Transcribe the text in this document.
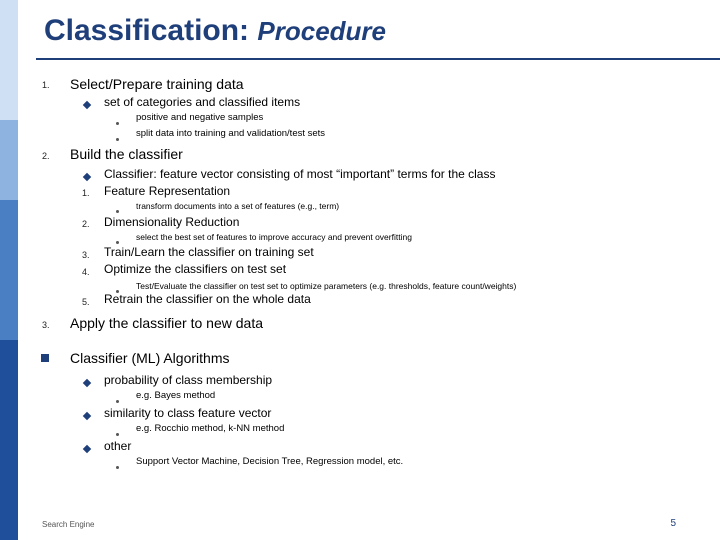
Classification: Procedure
1. Select/Prepare training data
set of categories and classified items
positive and negative samples
split data into training and validation/test sets
2. Build the classifier
Classifier: feature vector consisting of most “important” terms for the class
1. Feature Representation
transform documents into a set of features (e.g., term)
2. Dimensionality Reduction
select the best set of features to improve accuracy and prevent overfitting
3. Train/Learn the classifier on training set
4. Optimize the classifiers on test set
Test/Evaluate the classifier on test set to optimize parameters (e.g. thresholds, feature count/weights)
5. Retrain the classifier on the whole data
3. Apply the classifier to new data
Classifier (ML) Algorithms
probability of class membership
e.g. Bayes method
similarity to class feature vector
e.g. Rocchio method, k-NN method
other
Support Vector Machine, Decision Tree, Regression model, etc.
Search Engine	5
